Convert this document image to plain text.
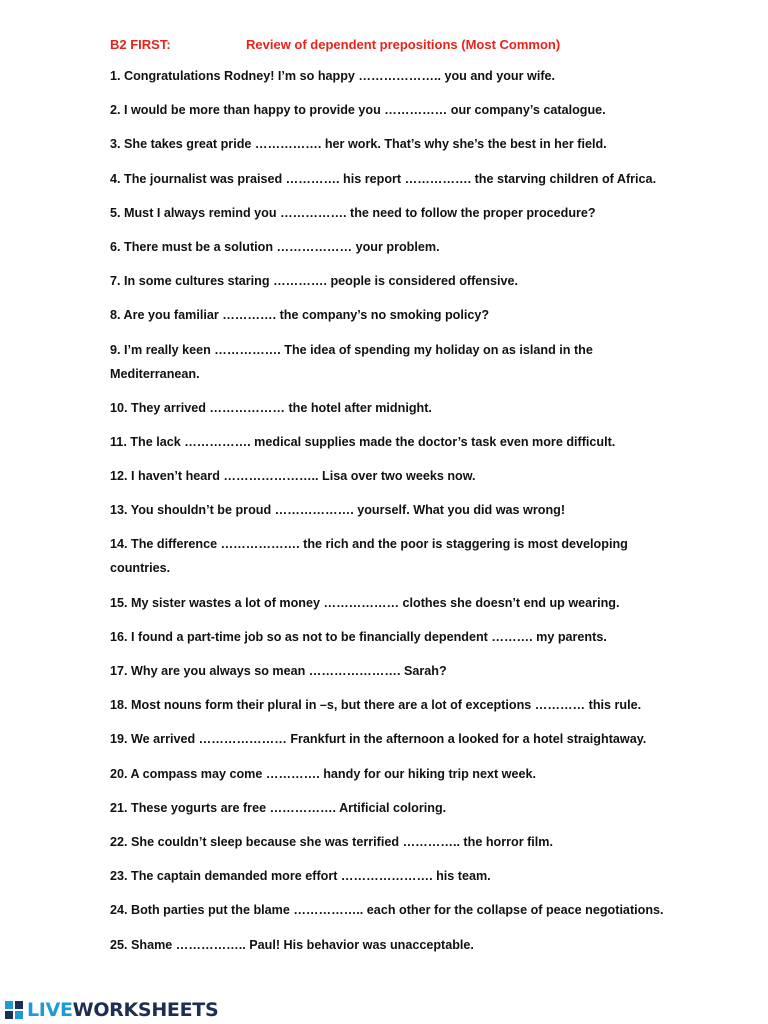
B2 FIRST:	Review of dependent prepositions (Most Common)
1. Congratulations Rodney! I’m so happy ……………….. you and your wife.
2. I would be more than happy to provide you …………… our company’s catalogue.
3. She takes great pride ……………. her work. That’s why she’s the best in her field.
4. The journalist was praised …………. his report ……………. the starving children of Africa.
5. Must I always remind you ……………. the need to follow the proper procedure?
6. There must be a solution ……………… your problem.
7. In some cultures staring …………. people is considered offensive.
8. Are you familiar …………. the company’s no smoking policy?
9. I’m really keen ……………. The idea of spending my holiday on as island in the Mediterranean.
10. They arrived ……………… the hotel after midnight.
11. The lack ……………. medical supplies made the doctor’s task even more difficult.
12. I haven’t heard ………………….. Lisa over two weeks now.
13. You shouldn’t be proud ………………. yourself. What you did was wrong!
14. The difference ………………. the rich and the poor is staggering is most developing countries.
15. My sister wastes a lot of money ……………… clothes she doesn’t end up wearing.
16. I found a part-time job so as not to be financially dependent ………. my parents.
17. Why are you always so mean …………………. Sarah?
18. Most nouns form their plural in –s, but there are a lot of exceptions ………… this rule.
19. We arrived ………………… Frankfurt in the afternoon a looked for a hotel straightaway.
20. A compass may come …………. handy for our hiking trip next week.
21. These yogurts are free ……………. Artificial coloring.
22. She couldn’t sleep because she was terrified ………….. the horror film.
23. The captain demanded more effort …………………. his team.
24. Both parties put the blame …………….. each other for the collapse of peace negotiations.
25. Shame …………….. Paul! His behavior was unacceptable.
LIVEWORKSHEETS
